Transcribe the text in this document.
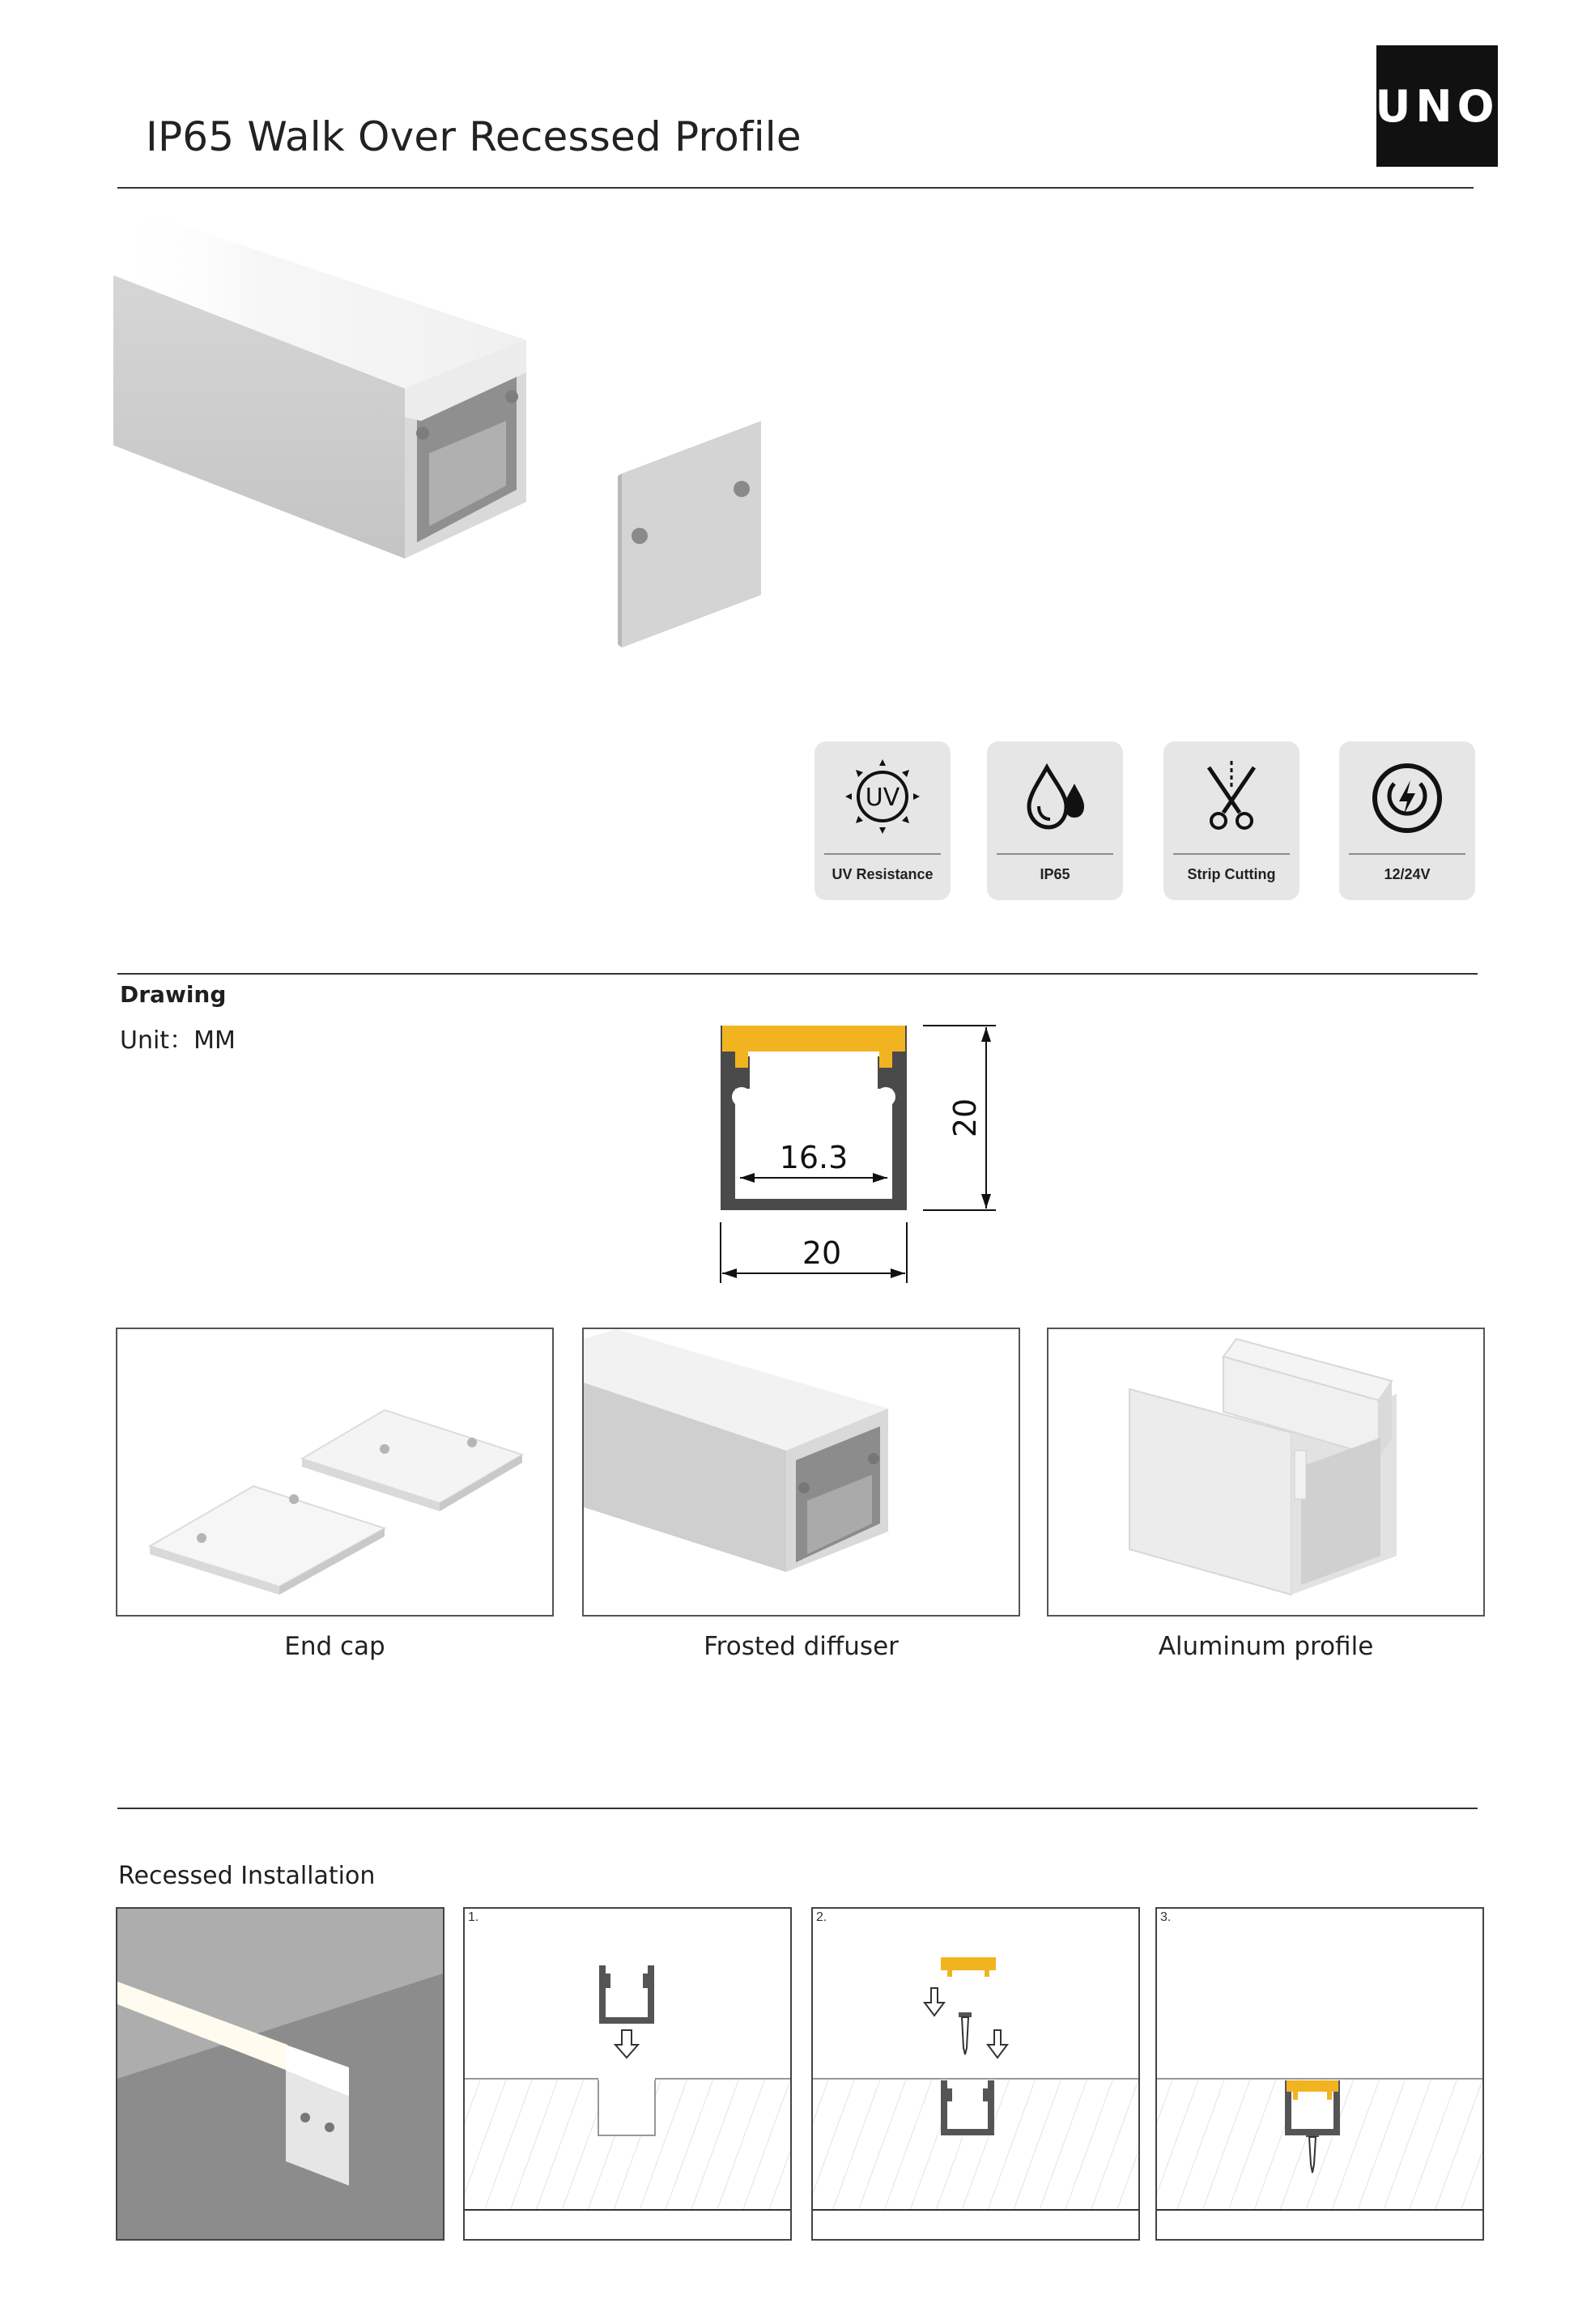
IP65 Walk Over Recessed Profile
UNO
UV
UV Resistance	IP65	Strip Cutting	12/24V
Drawing
Unit：MM
16.3
20
20
End cap	Frosted diffuser	Aluminum profile
Recessed Installation
1.	2.	3.
